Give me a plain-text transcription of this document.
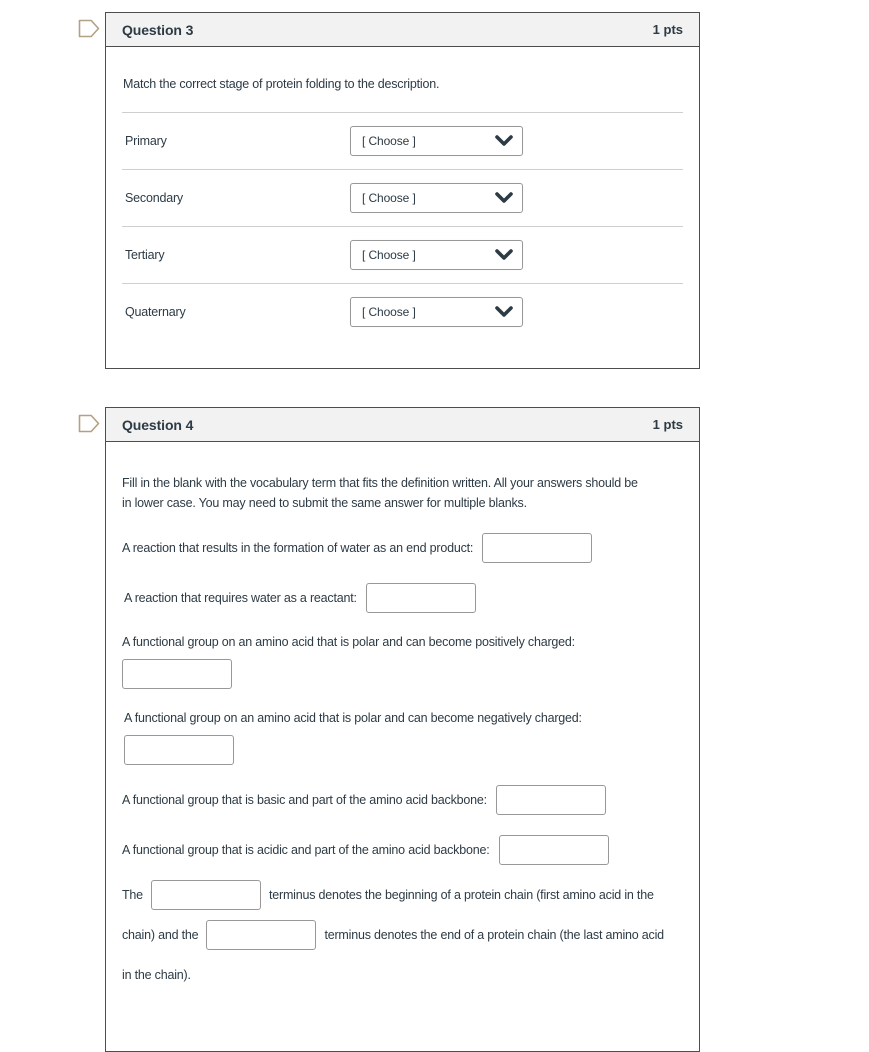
Question 3	1 pts
Match the correct stage of protein folding to the description.
Primary	[ Choose ]
Secondary	[ Choose ]
Tertiary	[ Choose ]
Quaternary	[ Choose ]
Question 4	1 pts
Fill in the blank with the vocabulary term that fits the definition written. All your answers should be
in lower case. You may need to submit the same answer for multiple blanks.
A reaction that results in the formation of water as an end product:
A reaction that requires water as a reactant:
A functional group on an amino acid that is polar and can become positively charged:
A functional group on an amino acid that is polar and can become negatively charged:
A functional group that is basic and part of the amino acid backbone:
A functional group that is acidic and part of the amino acid backbone:
The	terminus denotes the beginning of a protein chain (first amino acid in the
chain) and the	terminus denotes the end of a protein chain (the last amino acid
in the chain).
